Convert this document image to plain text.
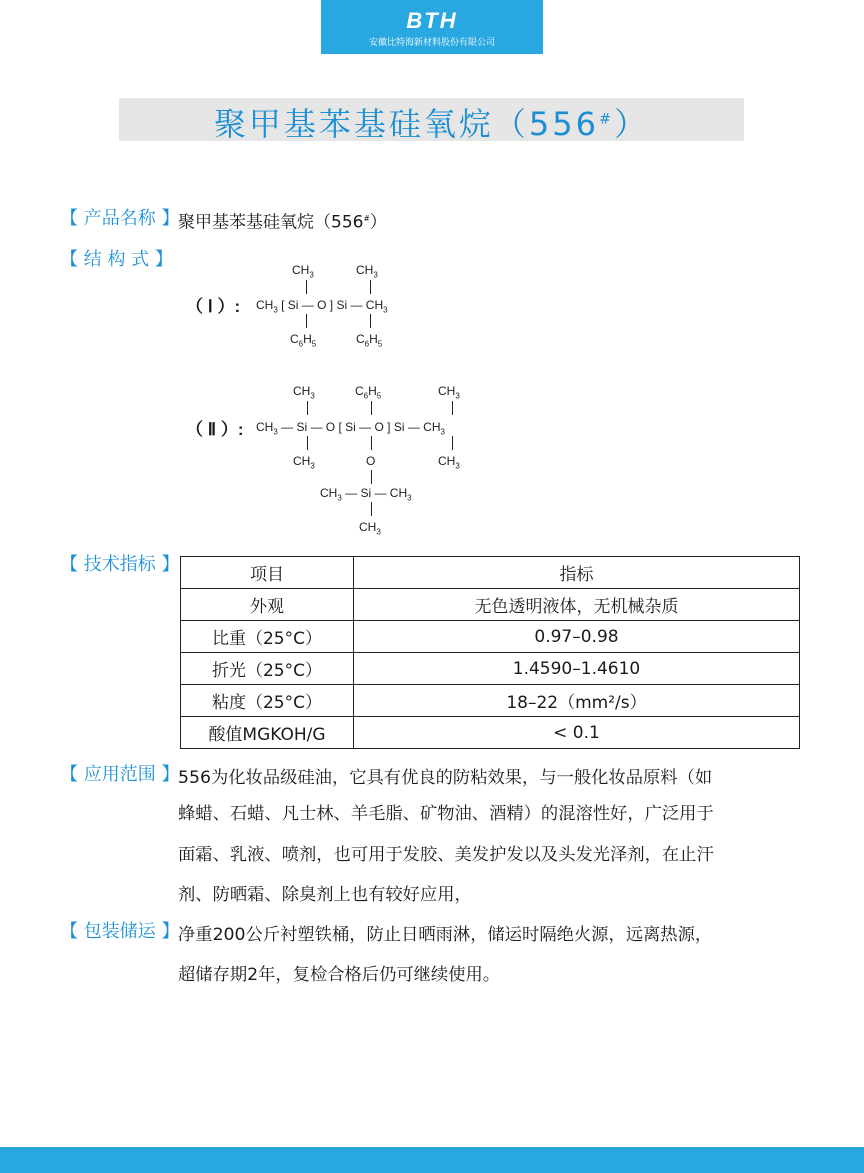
BTH
安徽比特海新材料股份有限公司
聚甲基苯基硅氧烷（556#）
【 产品名称 】
聚甲基苯基硅氧烷（556#）
【 结 构 式 】
（ Ⅰ ）:
$CH_3$	$CH_3$
$CH_3$ [ Si — O ] Si — $CH_3$
$C_6H_5$	$C_6H_5$
（ Ⅱ ）:
$CH_3$	$C_6H_5$	$CH_3$
$CH_3$ — Si — O [ Si — O ] Si — $CH_3$
$CH_3$	O	$CH_3$
$CH_3$ — Si — $CH_3$
$CH_3$
【 技术指标 】	项目	指标
外观	无色透明液体，无机械杂质
比重（25°C）	0.97–0.98
折光（25°C）	1.4590–1.4610
粘度（25°C）	18–22（mm²/s）
酸值MGKOH/G	< 0.1
【 应用范围 】
556为化妆品级硅油，它具有优良的防粘效果，与一般化妆品原料（如
蜂蜡、石蜡、凡士林、羊毛脂、矿物油、酒精）的混溶性好，广泛用于
面霜、乳液、喷剂，也可用于发胶、美发护发以及头发光泽剂，在止汗
剂、防晒霜、除臭剂上也有较好应用，
【 包装储运 】
净重200公斤衬塑铁桶，防止日晒雨淋，储运时隔绝火源，远离热源，
超储存期2年，复检合格后仍可继续使用。
